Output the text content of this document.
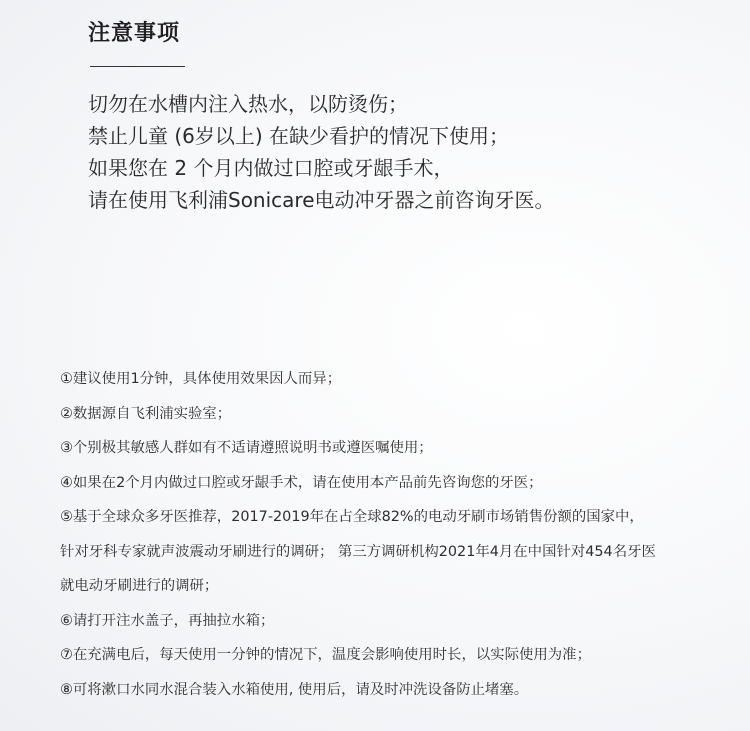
注意事项
切勿在水槽内注入热水，以防烫伤；
禁止儿童 (6岁以上) 在缺少看护的情况下使用；
如果您在 2 个月内做过口腔或牙龈手术，
请在使用飞利浦Sonicare电动冲牙器之前咨询牙医。
①建议使用1分钟，具体使用效果因人而异；
②数据源自飞利浦实验室；
③个别极其敏感人群如有不适请遵照说明书或遵医嘱使用；
④如果在2个月内做过口腔或牙龈手术，请在使用本产品前先咨询您的牙医；
⑤基于全球众多牙医推荐，2017-2019年在占全球82%的电动牙刷市场销售份额的国家中，
针对牙科专家就声波震动牙刷进行的调研； 第三方调研机构2021年4月在中国针对454名牙医
就电动牙刷进行的调研；
⑥请打开注水盖子，再抽拉水箱；
⑦在充满电后，每天使用一分钟的情况下，温度会影响使用时长，以实际使用为准；
⑧可将漱口水同水混合装入水箱使用, 使用后，请及时冲洗设备防止堵塞。
